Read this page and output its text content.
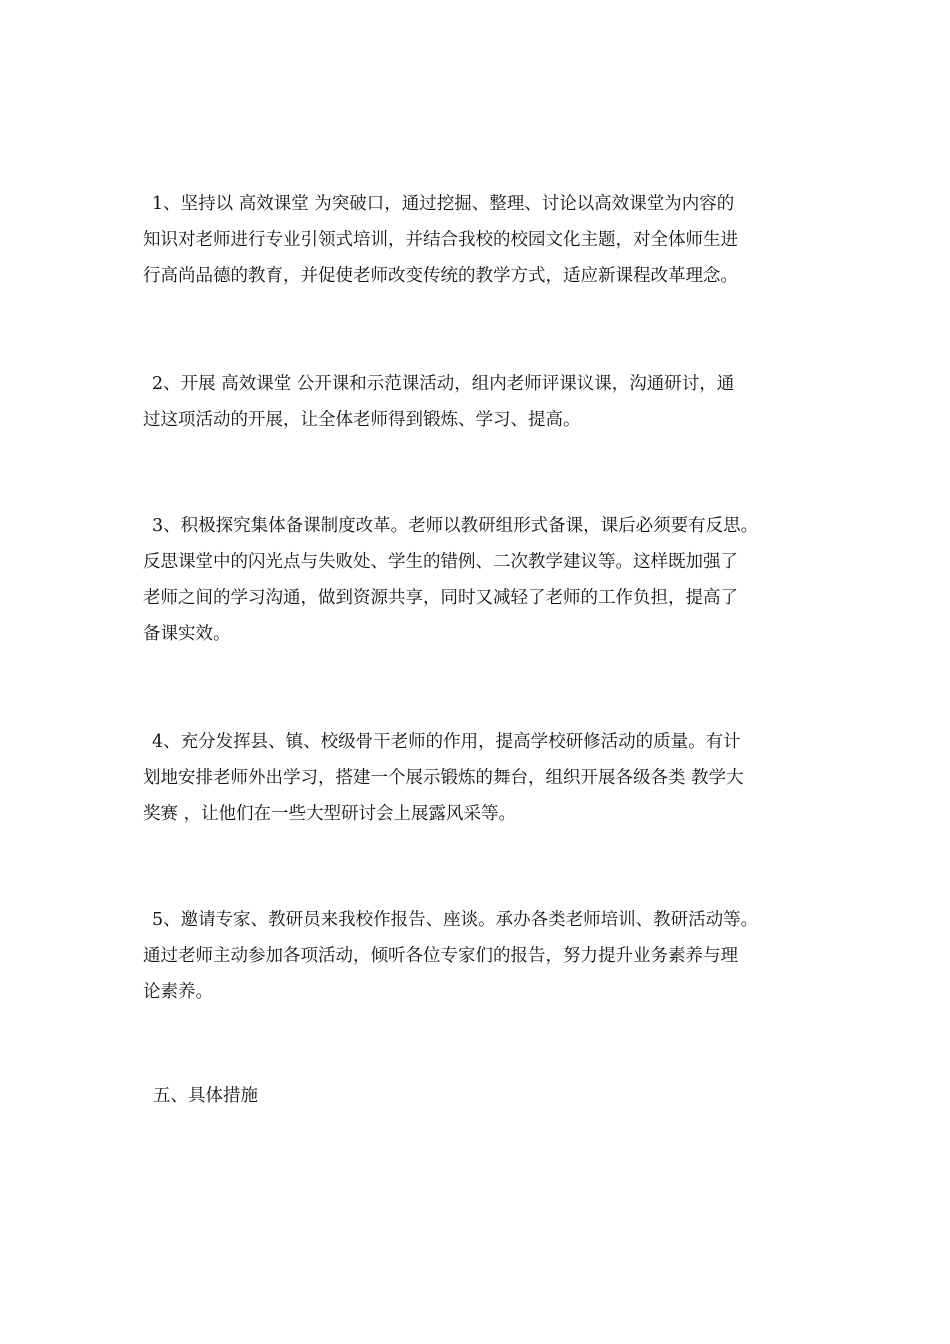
1、坚持以 高效课堂 为突破口，通过挖掘、整理、讨论以高效课堂为内容的
知识对老师进行专业引领式培训，并结合我校的校园文化主题，对全体师生进
行高尚品德的教育，并促使老师改变传统的教学方式，适应新课程改革理念。
2、开展 高效课堂 公开课和示范课活动，组内老师评课议课，沟通研讨，通
过这项活动的开展，让全体老师得到锻炼、学习、提高。
3、积极探究集体备课制度改革。老师以教研组形式备课，课后必须要有反思。
反思课堂中的闪光点与失败处、学生的错例、二次教学建议等。这样既加强了
老师之间的学习沟通，做到资源共享，同时又减轻了老师的工作负担，提高了
备课实效。
4、充分发挥县、镇、校级骨干老师的作用，提高学校研修活动的质量。有计
划地安排老师外出学习，搭建一个展示锻炼的舞台，组织开展各级各类 教学大
奖赛 ，让他们在一些大型研讨会上展露风采等。
5、邀请专家、教研员来我校作报告、座谈。承办各类老师培训、教研活动等。
通过老师主动参加各项活动，倾听各位专家们的报告，努力提升业务素养与理
论素养。
五、具体措施
